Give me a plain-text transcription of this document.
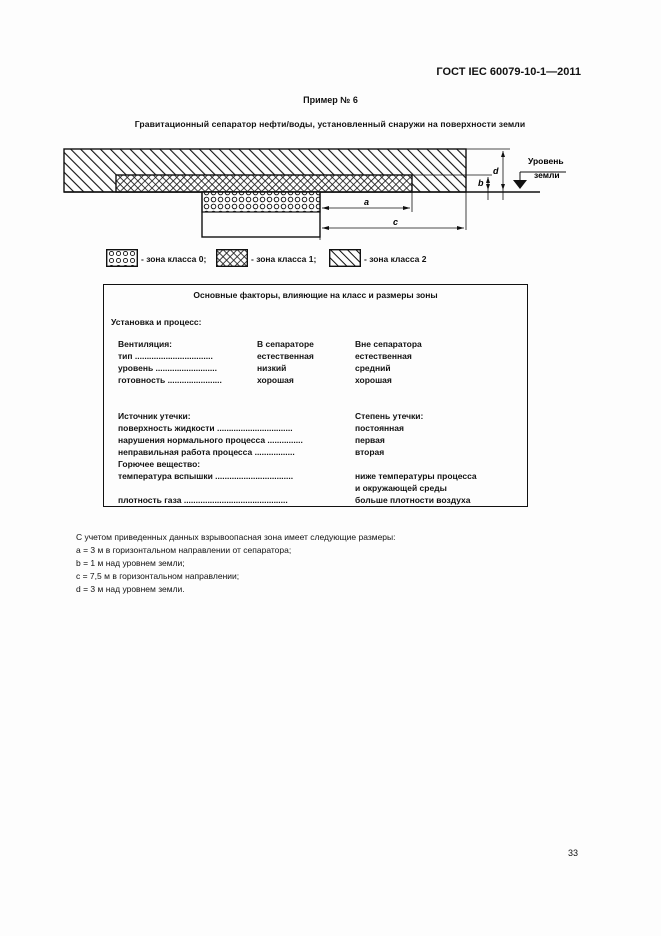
ГОСТ IEC 60079-10-1—2011
Пример № 6
Гравитационный сепаратор нефти/воды, установленный снаружи на поверхности земли
Уровень
земли
a
c
b
d
- зона класса 0;	- зона класса 1;	- зона класса 2
Основные факторы, влияющие на класс и размеры зоны
Установка и процесс:
Вентиляция:	В сепараторе	Вне сепаратора
тип .................................	естественная	естественная
уровень ..........................	низкий	средний
готовность .......................	хорошая	хорошая
Источник утечки:	Степень утечки:
поверхность жидкости ................................	постоянная
нарушения нормального процесса ...............	первая
неправильная работа процесса .................	вторая
Горючее вещество:
температура вспышки .................................	ниже температуры процесса
и окружающей среды
плотность газа ............................................	больше плотности воздуха
С учетом приведенных данных взрывоопасная зона имеет следующие размеры:
a = 3 м в горизонтальном направлении от сепаратора;
b = 1 м над уровнем земли;
c = 7,5 м в горизонтальном направлении;
d = 3 м над уровнем земли.
33
